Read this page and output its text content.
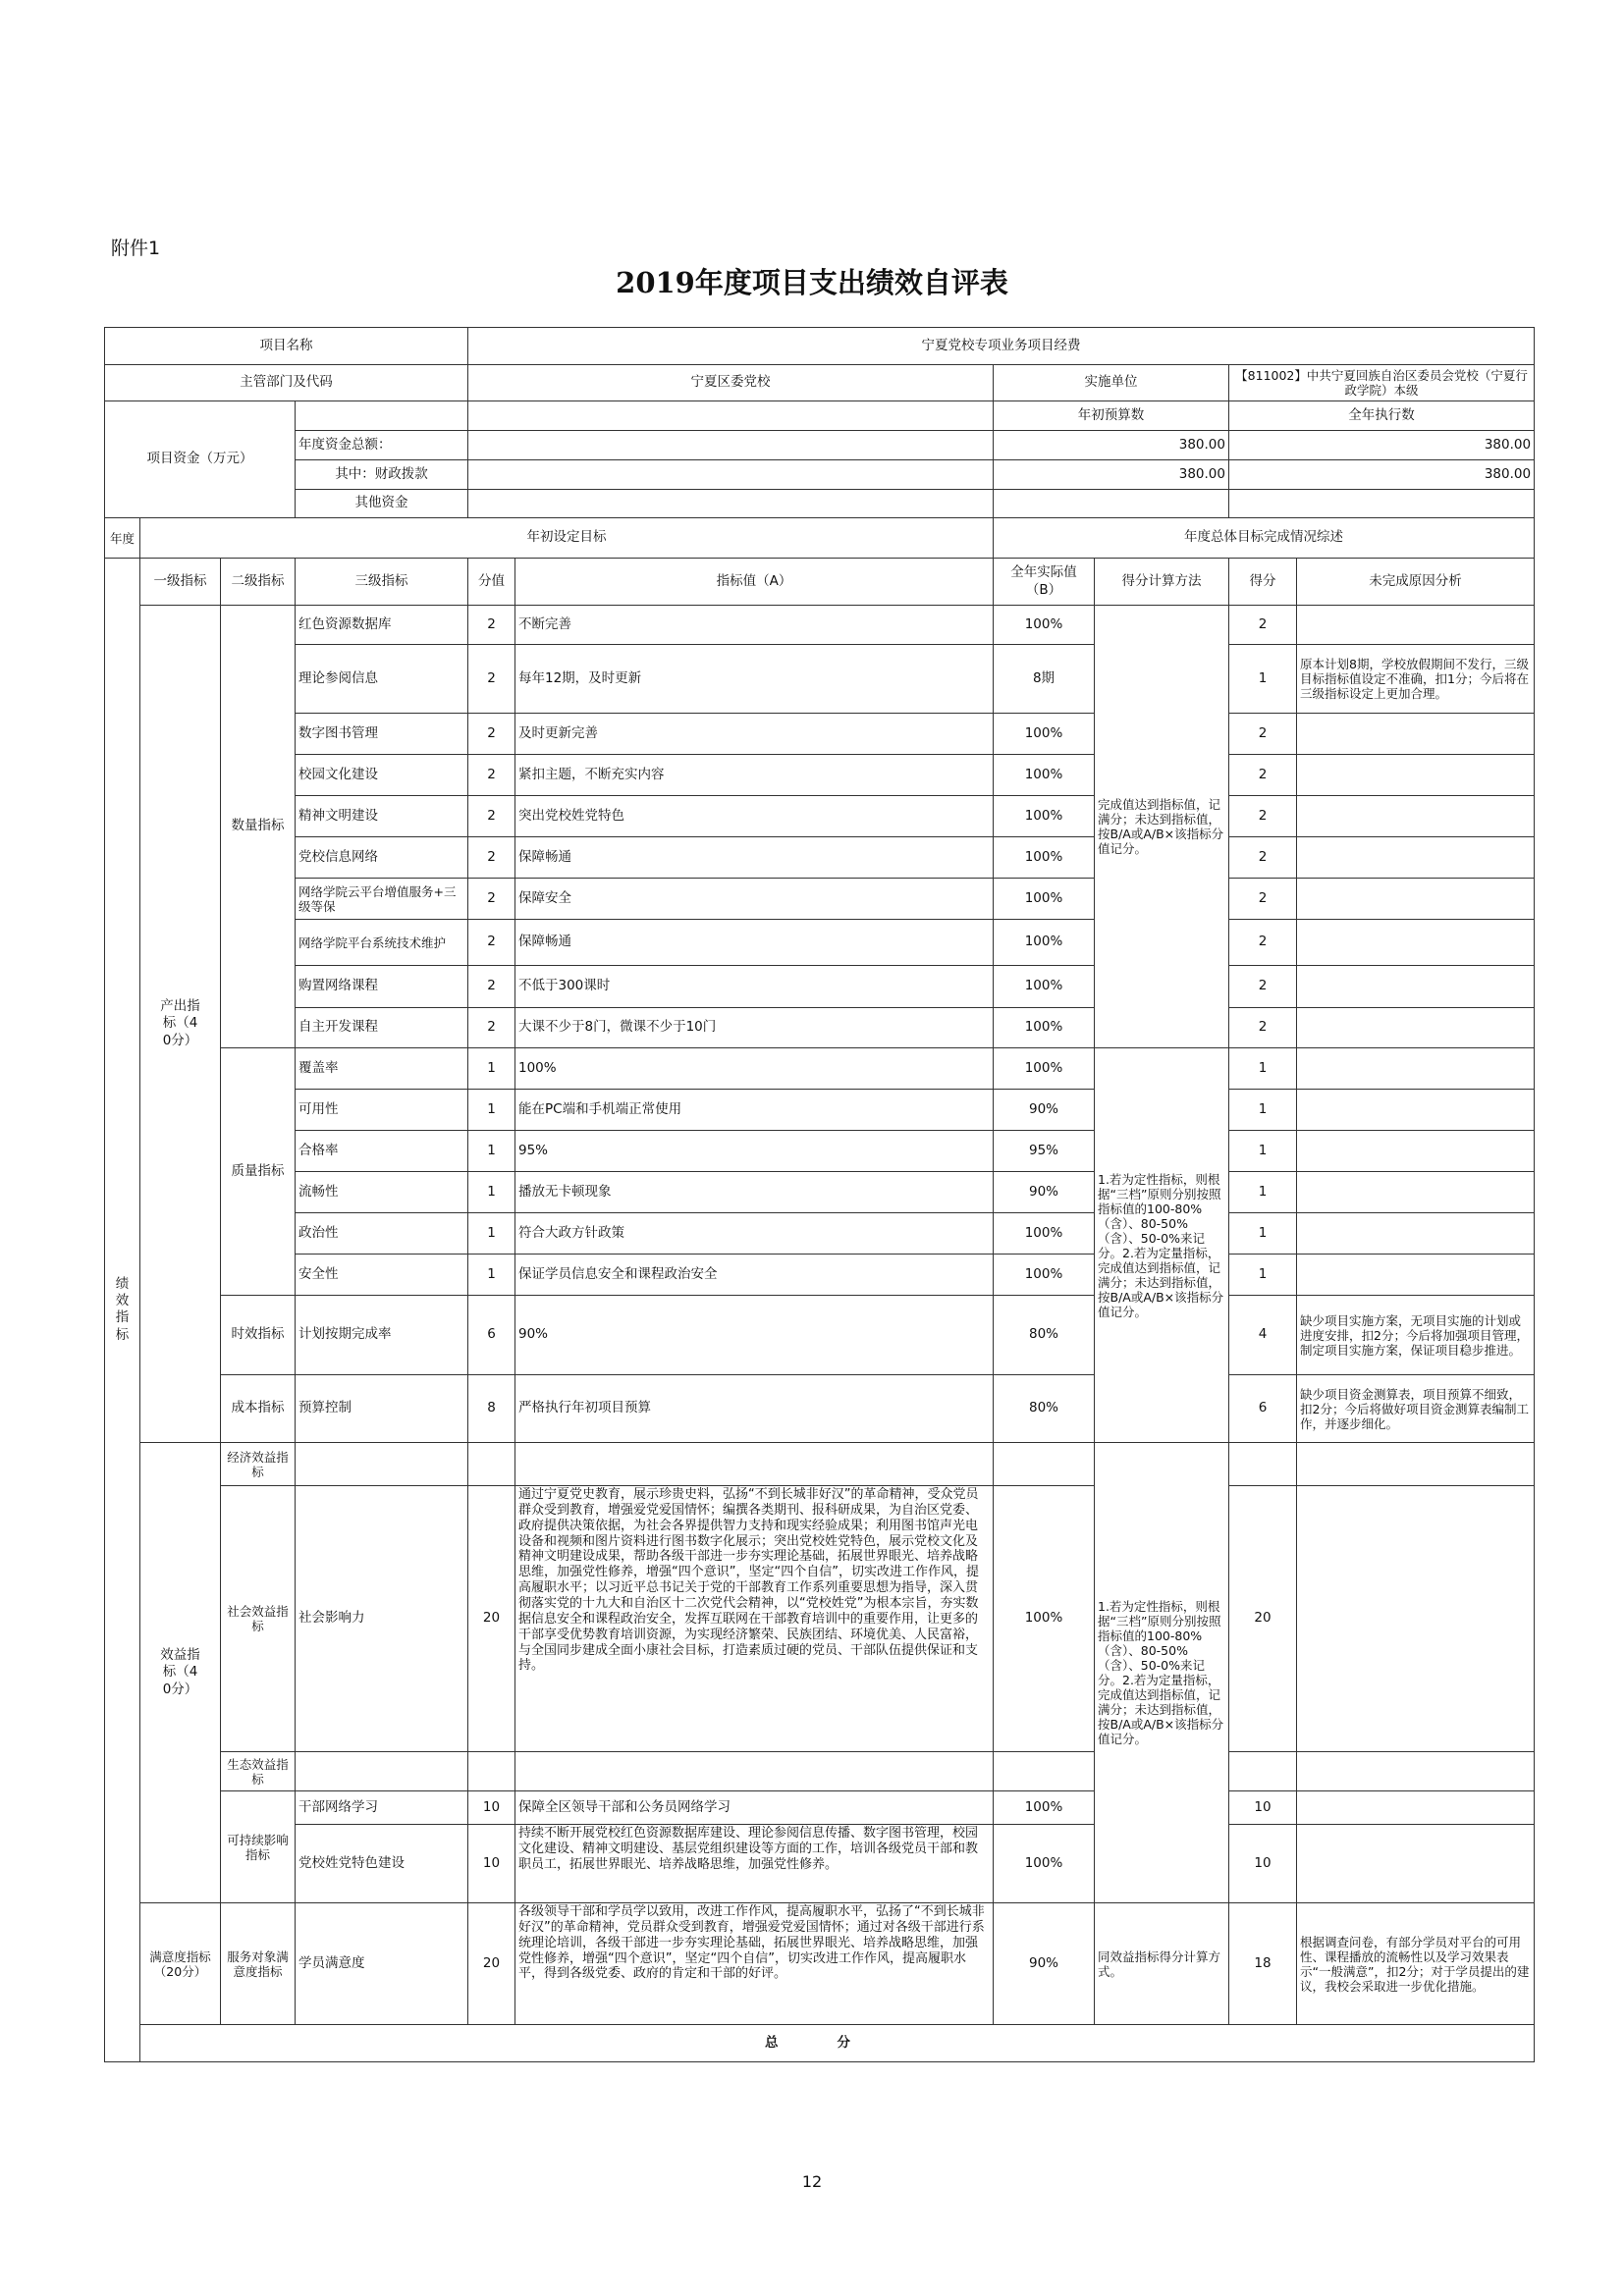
附件1
2019年度项目支出绩效自评表
项目名称				宁夏党校专项业务项目经费						
主管部门及代码				宁夏区委党校		实施单位		【811002】中共宁夏回族自治区委员会党校（宁夏行政学院）本级		
项目资金（万元）						年初预算数		全年执行数		
			年度资金总额：			380.00		380.00		
			其中：财政拨款			380.00		380.00		
			其他资金							
年度	年初设定目标					年度总体目标完成情况综述				
绩效指标	一级指标	二级指标	三级指标	分值	指标值（A）	全年实际值（B）	得分计算方法	得分	未完成原因分析	
	产出指标（40分）	数量指标	红色资源数据库	2	不断完善	100%	完成值达到指标值，记满分；未达到指标值，按B/A或A/B×该指标分值记分。	2		
			理论参阅信息	2	每年12期，及时更新	8期		1	原本计划8期，学校放假期间不发行，三级目标指标值设定不准确，扣1分；今后将在三级指标设定上更加合理。	
			数字图书管理	2	及时更新完善	100%		2		
			校园文化建设	2	紧扣主题，不断充实内容	100%		2		
			精神文明建设	2	突出党校姓党特色	100%		2		
			党校信息网络	2	保障畅通	100%		2		
			网络学院云平台增值服务+三级等保	2	保障安全	100%		2		
			网络学院平台系统技术维护	2	保障畅通	100%		2		
			购置网络课程	2	不低于300课时	100%		2		
			自主开发课程	2	大课不少于8门，微课不少于10门	100%		2		
		质量指标	覆盖率	1	100%	100%	1.若为定性指标，则根据“三档”原则分别按照指标值的100-80%（含）、80-50%（含）、50-0%来记分。2.若为定量指标，完成值达到指标值，记满分；未达到指标值，按B/A或A/B×该指标分值记分。	1		
			可用性	1	能在PC端和手机端正常使用	90%		1		
			合格率	1	95%	95%		1		
			流畅性	1	播放无卡顿现象	90%		1		
			政治性	1	符合大政方针政策	100%		1		
			安全性	1	保证学员信息安全和课程政治安全	100%		1		
		时效指标	计划按期完成率	6	90%	80%		4	缺少项目实施方案，无项目实施的计划或进度安排，扣2分；今后将加强项目管理，制定项目实施方案，保证项目稳步推进。	
		成本指标	预算控制	8	严格执行年初项目预算	80%		6	缺少项目资金测算表，项目预算不细致，扣2分；今后将做好项目资金测算表编制工作，并逐步细化。	
	效益指标（40分）	经济效益指标					1.若为定性指标，则根据“三档”原则分别按照指标值的100-80%（含）、80-50%（含）、50-0%来记分。2.若为定量指标，完成值达到指标值，记满分；未达到指标值，按B/A或A/B×该指标分值记分。			
		社会效益指标	社会影响力	20	通过宁夏党史教育，展示珍贵史料，弘扬“不到长城非好汉”的革命精神，受众党员群众受到教育，增强爱党爱国情怀；编撰各类期刊、报科研成果，为自治区党委、政府提供决策依据，为社会各界提供智力支持和现实经验成果；利用图书馆声光电设备和视频和图片资料进行图书数字化展示；突出党校姓党特色，展示党校文化及精神文明建设成果，帮助各级干部进一步夯实理论基础，拓展世界眼光、培养战略思维，加强党性修养，增强“四个意识”，坚定“四个自信”，切实改进工作作风，提高履职水平；以习近平总书记关于党的干部教育工作系列重要思想为指导，深入贯彻落实党的十九大和自治区十二次党代会精神，以“党校姓党”为根本宗旨，夯实数据信息安全和课程政治安全，发挥互联网在干部教育培训中的重要作用，让更多的干部享受优势教育培训资源，为实现经济繁荣、民族团结、环境优美、人民富裕，与全国同步建成全面小康社会目标，打造素质过硬的党员、干部队伍提供保证和支持。	100%		20		
		生态效益指标								
		可持续影响指标	干部网络学习	10	保障全区领导干部和公务员网络学习	100%		10		
			党校姓党特色建设	10	持续不断开展党校红色资源数据库建设、理论参阅信息传播、数字图书管理，校园文化建设、精神文明建设、基层党组织建设等方面的工作，培训各级党员干部和教职员工，拓展世界眼光、培养战略思维，加强党性修养。	100%		10		
	满意度指标（20分）	服务对象满意度指标	学员满意度	20	各级领导干部和学员学以致用，改进工作作风，提高履职水平，弘扬了“不到长城非好汉”的革命精神，党员群众受到教育，增强爱党爱国情怀；通过对各级干部进行系统理论培训，各级干部进一步夯实理论基础，拓展世界眼光、培养战略思维，加强党性修养，增强“四个意识”，坚定“四个自信”，切实改进工作作风，提高履职水平，得到各级党委、政府的肯定和干部的好评。	90%	同效益指标得分计算方式。	18	根据调查问卷，有部分学员对平台的可用性、课程播放的流畅性以及学习效果表示“一般满意”，扣2分；对于学员提出的建议，我校会采取进一步优化措施。	
	总分	
12
